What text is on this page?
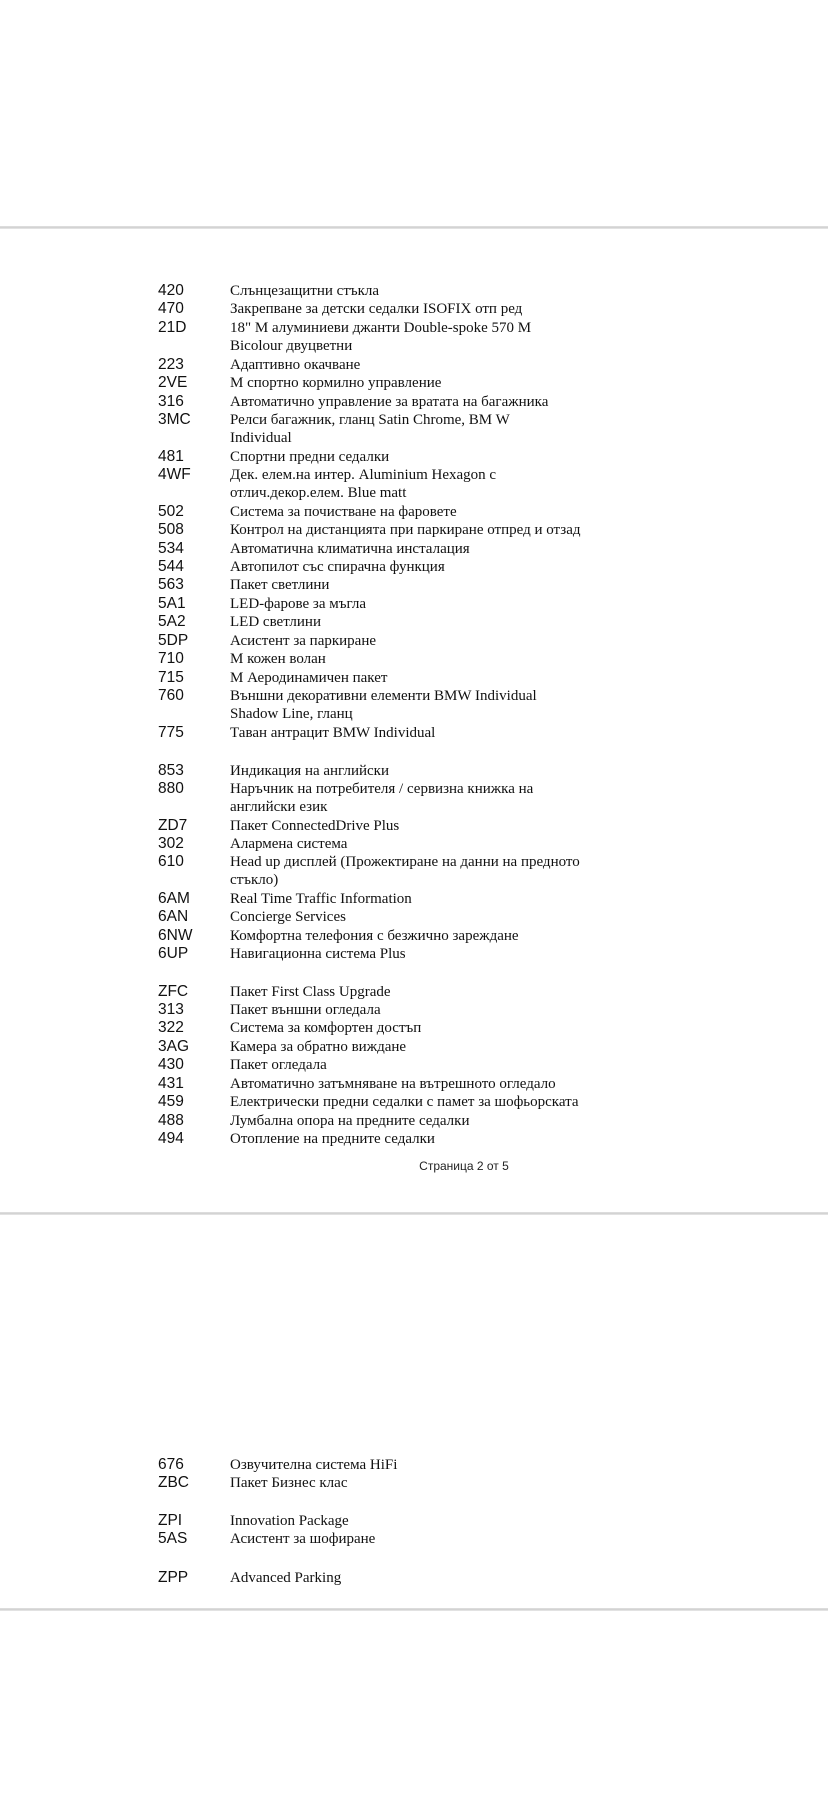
420	Слънцезащитни стъкла
470	Закрепване за детски седалки ISOFIX отп ред
21D	18" M алуминиеви джанти Double-spoke 570 M Bicolour двуцветни
223	Адаптивно окачване
2VE	М спортно кормилно управление
316	Автоматично управление за вратата на багажника
3MC	Релси багажник, гланц Satin Chrome, BM W Individual
481	Спортни предни седалки
4WF	Дек. елем.на интер. Aluminium Hexagon с отлич.декор.елем. Blue matt
502	Система за почистване на фаровете
508	Контрол на дистанцията при паркиране отпред и отзад
534	Автоматична климатична инсталация
544	Автопилот със спирачна функция
563	Пакет светлини
5A1	LED-фарове за мъгла
5A2	LED светлини
5DP	Асистент за паркиране
710	M кожен волан
715	М Аеродинамичен пакет
760	Външни декоративни елементи BMW Individual Shadow Line, гланц
775	Таван антрацит BMW Individual
853	Индикация на английски
880	Наръчник на потребителя / сервизна книжка на английски език
ZD7	Пакет ConnectedDrive Plus
302	Алармена система
610	Head up дисплей (Прожектиране на данни на предното стъкло)
6AM	Real Time Traffic Information
6AN	Concierge Services
6NW	Комфортна телефония с безжично зареждане
6UP	Навигационна система Plus
ZFC	Пакет First Class Upgrade
313	Пакет външни огледала
322	Система за комфортен достъп
3AG	Камера за обратно виждане
430	Пакет огледала
431	Автоматично затъмняване на вътрешното огледало
459	Електрически предни седалки с памет за шофьорската
488	Лумбална опора на предните седалки
494	Отопление на предните седалки
Страница 2 от 5
676	Озвучителна система HiFi
ZBC	Пакет Бизнес клас
ZPI	Innovation Package
5AS	Асистент за шофиране
ZPP	Advanced Parking
